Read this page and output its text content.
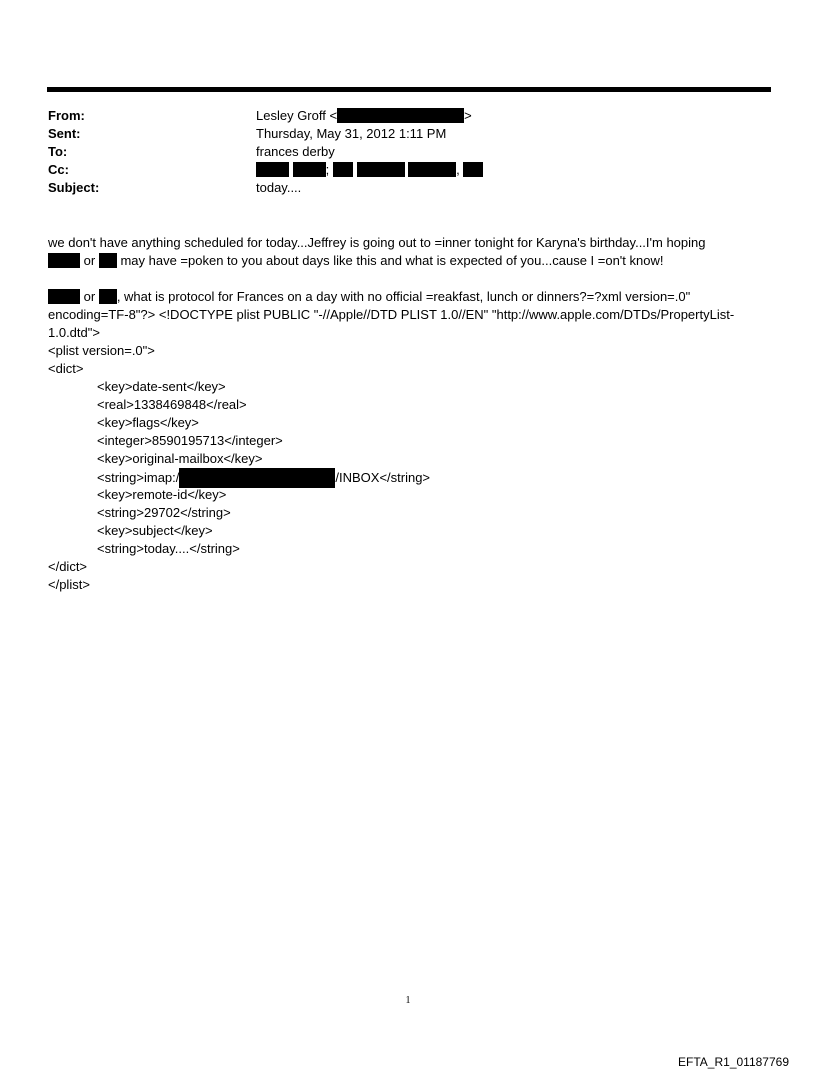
From:	Lesley Groff <	>
Sent:	Thursday, May 31, 2012 1:11 PM
To:	frances derby
Cc:	;	,
Subject:	today....
we don't have anything scheduled for today...Jeffrey is going out to =inner tonight for Karyna's birthday...I'm hoping
or may have =poken to you about days like this and what is expected of you...cause I =on't know!
or , what is protocol for Frances on a day with no official =reakfast, lunch or dinners?=?xml version=.0"
encoding=TF-8"?> <!DOCTYPE plist PUBLIC "-//Apple//DTD PLIST 1.0//EN" "http://www.apple.com/DTDs/PropertyList-
1.0.dtd">
<plist version=.0">
<dict>
<key>date-sent</key>
<real>1338469848</real>
<key>flags</key>
<integer>8590195713</integer>
<key>original-mailbox</key>
<string>imap:/	/INBOX</string>
<key>remote-id</key>
<string>29702</string>
<key>subject</key>
<string>today....</string>
</dict>
</plist>
1
EFTA_R1_01187769
